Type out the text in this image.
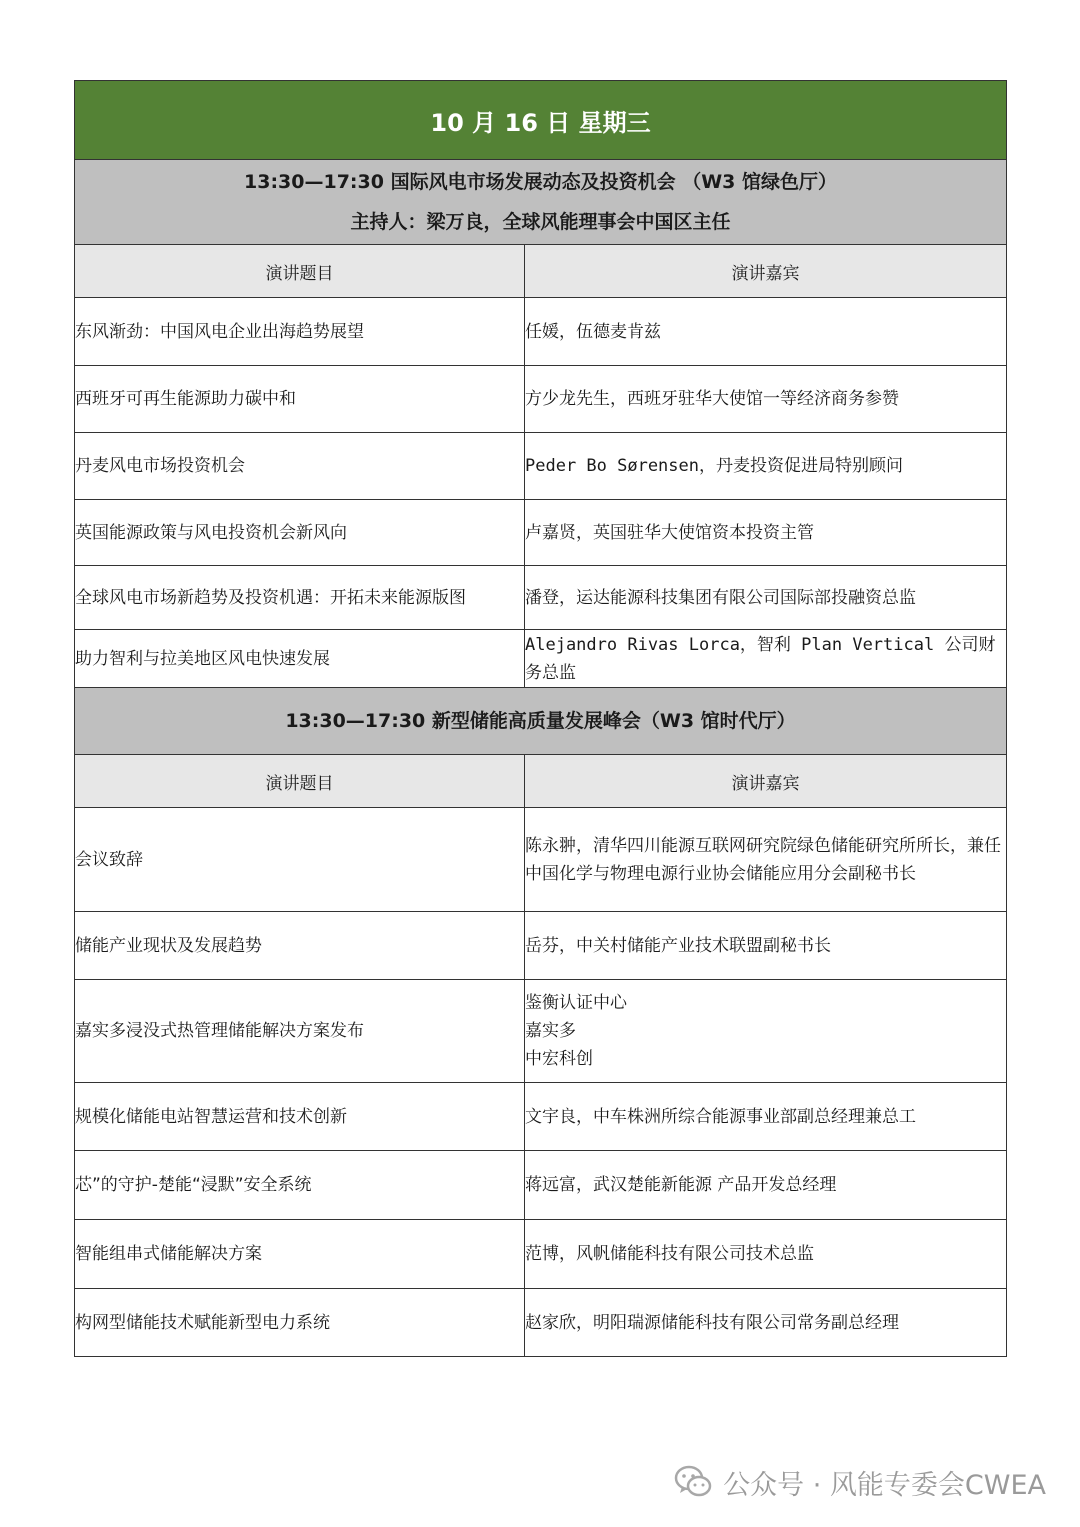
10 月 16 日 星期三	

13:30—17:30 国际风电市场发展动态及投资机会 （W3 馆绿色厅）
主持人：梁万良，全球风能理事会中国区主任	

演讲题目	演讲嘉宾
东风渐劲：中国风电企业出海趋势展望	任媛，伍德麦肯兹

西班牙可再生能源助力碳中和	方少龙先生，西班牙驻华大使馆一等经济商务参赞

丹麦风电市场投资机会	Peder Bo Sørensen，丹麦投资促进局特别顾问

英国能源政策与风电投资机会新风向	卢嘉贤，英国驻华大使馆资本投资主管

全球风电市场新趋势及投资机遇：开拓未来能源版图	潘登，运达能源科技集团有限公司国际部投融资总监

助力智利与拉美地区风电快速发展	Alejandro Rivas Lorca，智利 Plan Vertical 公司财务总监

13:30—17:30 新型储能高质量发展峰会（W3 馆时代厅）	

演讲题目	演讲嘉宾
会议致辞	陈永翀，清华四川能源互联网研究院绿色储能研究所所长，兼任中国化学与物理电源行业协会储能应用分会副秘书长

储能产业现状及发展趋势	岳芬，中关村储能产业技术联盟副秘书长

嘉实多浸没式热管理储能解决方案发布	鉴衡认证中心
嘉实多
中宏科创

规模化储能电站智慧运营和技术创新	文宇良，中车株洲所综合能源事业部副总经理兼总工

芯”的守护-楚能“浸默”安全系统	蒋远富，武汉楚能新能源 产品开发总经理

智能组串式储能解决方案	范博，风帆储能科技有限公司技术总监

构网型储能技术赋能新型电力系统	赵家欣，明阳瑞源储能科技有限公司常务副总经理
公众号 · 风能专委会CWEA
